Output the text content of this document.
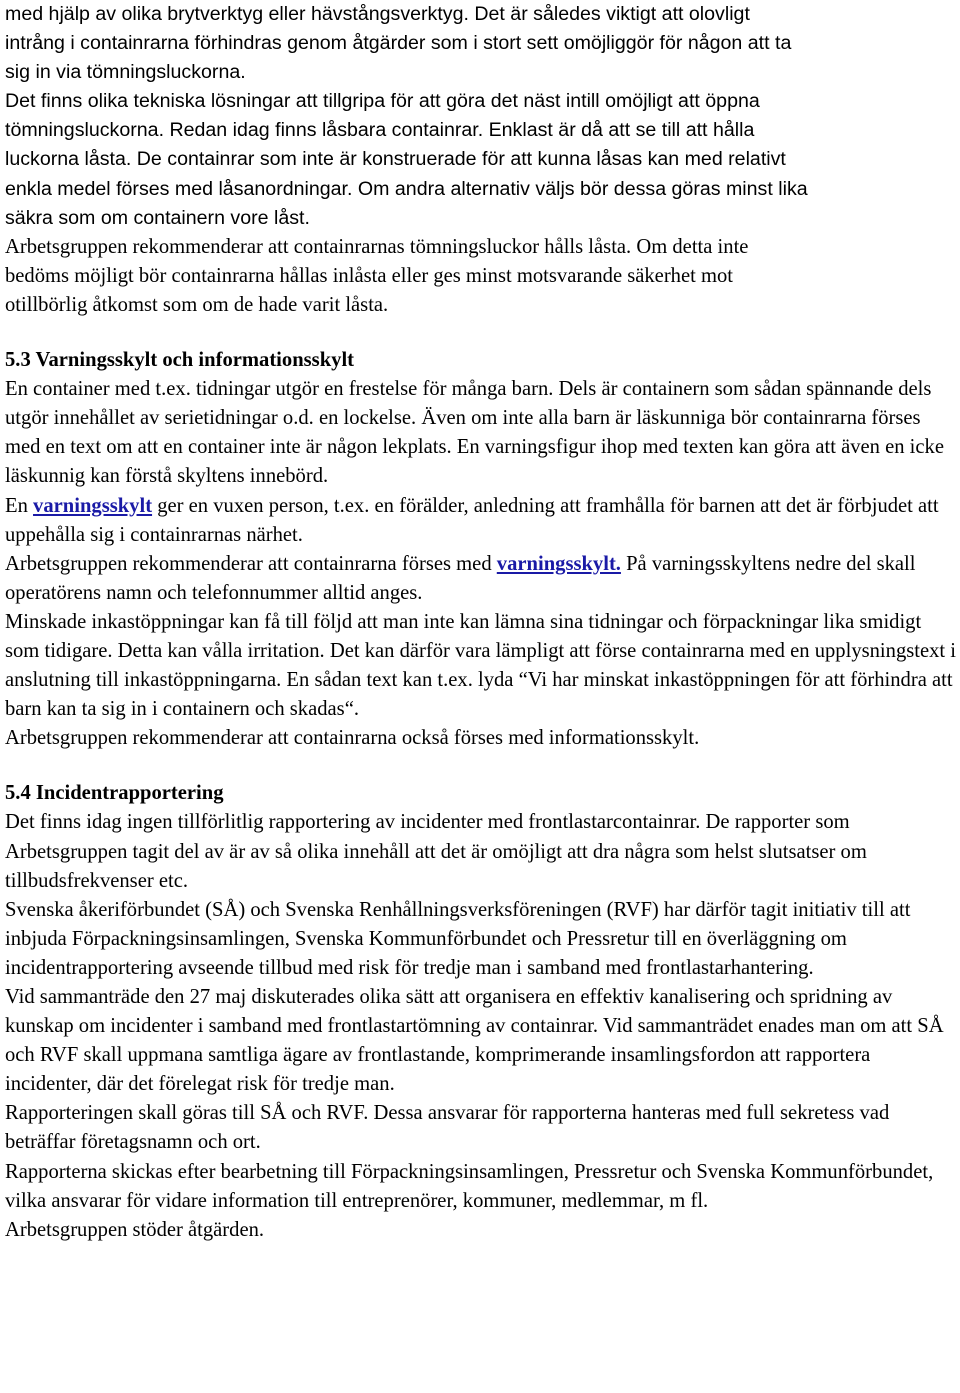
med hjälp av olika brytverktyg eller hävstångsverktyg. Det är således viktigt att olovligt
intrång i containrarna förhindras genom åtgärder som i stort sett omöjliggör för någon att ta
sig in via tömningsluckorna.

Det finns olika tekniska lösningar att tillgripa för att göra det näst intill omöjligt att öppna
tömningsluckorna. Redan idag finns låsbara containrar. Enklast är då att se till att hålla
luckorna låsta. De containrar som inte är konstruerade för att kunna låsas kan med relativt
enkla medel förses med låsanordningar. Om andra alternativ väljs bör dessa göras minst lika
säkra som om containern vore låst.

Arbetsgruppen rekommenderar att containrarnas tömningsluckor hålls låsta. Om detta inte
bedöms möjligt bör containrarna hållas inlåsta eller ges minst motsvarande säkerhet mot
otillbörlig åtkomst som om de hade varit låsta.

5.3 Varningsskylt och informationsskylt

En container med t.ex. tidningar utgör en frestelse för många barn. Dels är containern som sådan spännande dels utgör innehållet av serietidningar o.d. en lockelse. Även om inte alla barn är läskunniga bör containrarna förses med en text om att en container inte är någon lekplats. En varningsfigur ihop med texten kan göra att även en icke läskunnig kan förstå skyltens innebörd.

En varningsskylt ger en vuxen person, t.ex. en förälder, anledning att framhålla för barnen att det är förbjudet att uppehålla sig i containrarnas närhet.

Arbetsgruppen rekommenderar att containrarna förses med varningsskylt. På varningsskyltens nedre del skall operatörens namn och telefonnummer alltid anges.

Minskade inkastöppningar kan få till följd att man inte kan lämna sina tidningar och förpackningar lika smidigt som tidigare. Detta kan vålla irritation. Det kan därför vara lämpligt att förse containrarna med en upplysningstext i anslutning till inkastöppningarna. En sådan text kan t.ex. lyda “Vi har minskat inkastöppningen för att förhindra att barn kan ta sig in i containern och skadas“.

Arbetsgruppen rekommenderar att containrarna också förses med informationsskylt.

5.4 Incidentrapportering

Det finns idag ingen tillförlitlig rapportering av incidenter med frontlastarcontainrar. De rapporter som Arbetsgruppen tagit del av är av så olika innehåll att det är omöjligt att dra några som helst slutsatser om tillbudsfrekvenser etc.

Svenska åkeriförbundet (SÅ) och Svenska Renhållningsverksföreningen (RVF) har därför tagit initiativ till att inbjuda Förpackningsinsamlingen, Svenska Kommunförbundet och Pressretur till en överläggning om incidentrapportering avseende tillbud med risk för tredje man i samband med frontlastarhantering.

Vid sammanträde den 27 maj diskuterades olika sätt att organisera en effektiv kanalisering och spridning av kunskap om incidenter i samband med frontlastartömning av containrar. Vid sammanträdet enades man om att SÅ och RVF skall uppmana samtliga ägare av frontlastande, komprimerande insamlingsfordon att rapportera incidenter, där det förelegat risk för tredje man.

Rapporteringen skall göras till SÅ och RVF. Dessa ansvarar för rapporterna hanteras med full sekretess vad beträffar företagsnamn och ort.

Rapporterna skickas efter bearbetning till Förpackningsinsamlingen, Pressretur och Svenska Kommunförbundet, vilka ansvarar för vidare information till entreprenörer, kommuner, medlemmar, m fl.

Arbetsgruppen stöder åtgärden.
